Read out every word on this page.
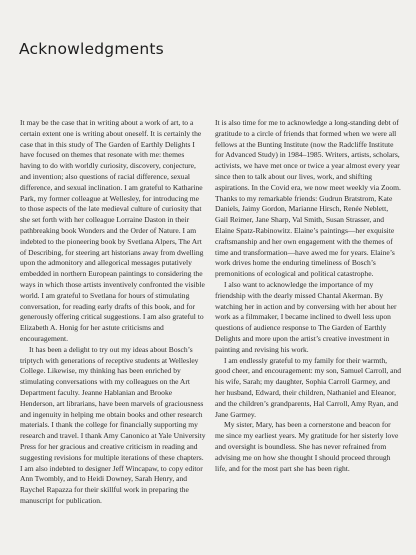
Acknowledgments

It may be the case that in writing about a work of art, to a certain extent one is writing about oneself. It is certainly the case that in this study of The Garden of Earthly Delights I have focused on themes that resonate with me: themes having to do with worldly curiosity, discovery, conjecture, and invention; also questions of racial difference, sexual difference, and sexual inclination. I am grateful to Katharine Park, my former colleague at Wellesley, for introducing me to those aspects of the late medieval culture of curiosity that she set forth with her colleague Lorraine Daston in their pathbreaking book Wonders and the Order of Nature. I am indebted to the pioneering book by Svetlana Alpers, The Art of Describing, for steering art historians away from dwelling upon the admonitory and allegorical messages putatively embedded in northern European paintings to considering the ways in which those artists inventively confronted the visible world. I am grateful to Svetlana for hours of stimulating conversation, for reading early drafts of this book, and for generously offering critical suggestions. I am also grateful to Elizabeth A. Honig for her astute criticisms and encouragement.

It has been a delight to try out my ideas about Bosch’s triptych with generations of receptive students at Wellesley College. Likewise, my thinking has been enriched by stimulating conversations with my colleagues on the Art Department faculty. Jeanne Hablanian and Brooke Henderson, art librarians, have been marvels of graciousness and ingenuity in helping me obtain books and other research materials. I thank the college for financially supporting my research and travel. I thank Amy Canonico at Yale University Press for her gracious and creative criticism in reading and suggesting revisions for multiple iterations of these chapters. I am also indebted to designer Jeff Wincapaw, to copy editor Ann Twombly, and to Heidi Downey, Sarah Henry, and Raychel Rapazza for their skillful work in preparing the manuscript for publication.

It is also time for me to acknowledge a long-standing debt of gratitude to a circle of friends that formed when we were all fellows at the Bunting Institute (now the Radcliffe Institute for Advanced Study) in 1984–1985. Writers, artists, scholars, activists, we have met once or twice a year almost every year since then to talk about our lives, work, and shifting aspirations. In the Covid era, we now meet weekly via Zoom. Thanks to my remarkable friends: Gudrun Bratstrom, Kate Daniels, Jaimy Gordon, Marianne Hirsch, Renée Neblett, Gail Reimer, Jane Sharp, Val Smith, Susan Strasser, and Elaine Spatz-Rabinowitz. Elaine’s paintings—her exquisite craftsmanship and her own engagement with the themes of time and transformation—have awed me for years. Elaine’s work drives home the enduring timeliness of Bosch’s premonitions of ecological and political catastrophe.

I also want to acknowledge the importance of my friendship with the dearly missed Chantal Akerman. By watching her in action and by conversing with her about her work as a filmmaker, I became inclined to dwell less upon questions of audience response to The Garden of Earthly Delights and more upon the artist’s creative investment in painting and revising his work.

I am endlessly grateful to my family for their warmth, good cheer, and encouragement: my son, Samuel Carroll, and his wife, Sarah; my daughter, Sophia Carroll Garmey, and her husband, Edward, their children, Nathaniel and Eleanor, and the children’s grandparents, Hal Carroll, Amy Ryan, and Jane Garmey.

My sister, Mary, has been a cornerstone and beacon for me since my earliest years. My gratitude for her sisterly love and oversight is boundless. She has never refrained from advising me on how she thought I should proceed through life, and for the most part she has been right.
